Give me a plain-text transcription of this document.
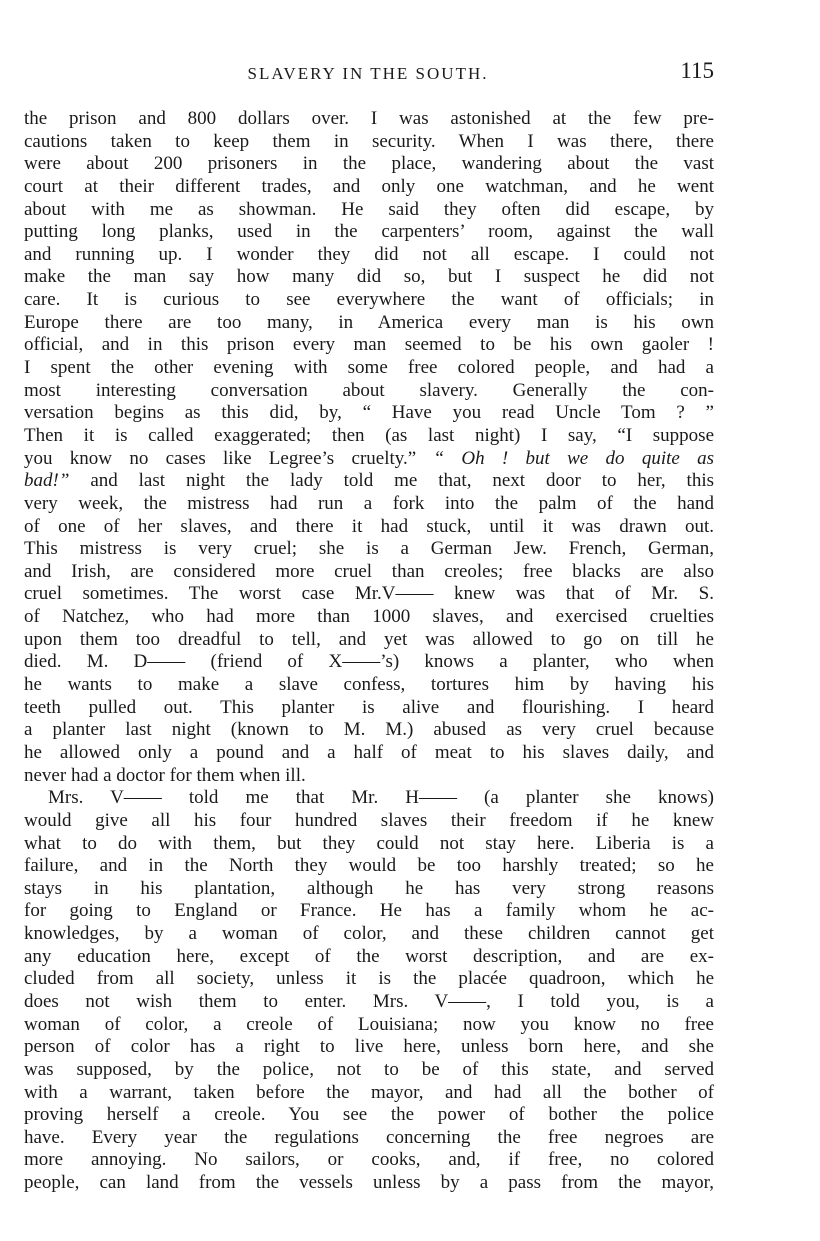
SLAVERY IN THE SOUTH.	115
the prison and 800 dollars over. I was astonished at the few pre-
cautions taken to keep them in security. When I was there, there
were about 200 prisoners in the place, wandering about the vast
court at their different trades, and only one watchman, and he went
about with me as showman. He said they often did escape, by
putting long planks, used in the carpenters’ room, against the wall
and running up. I wonder they did not all escape. I could not
make the man say how many did so, but I suspect he did not
care. It is curious to see everywhere the want of officials; in
Europe there are too many, in America every man is his own
official, and in this prison every man seemed to be his own gaoler !
I spent the other evening with some free colored people, and had a
most interesting conversation about slavery. Generally the con-
versation begins as this did, by, “ Have you read Uncle Tom ? ”
Then it is called exaggerated; then (as last night) I say, “I suppose
you know no cases like Legree’s cruelty.” “ Oh ! but we do quite as
bad!” and last night the lady told me that, next door to her, this
very week, the mistress had run a fork into the palm of the hand
of one of her slaves, and there it had stuck, until it was drawn out.
This mistress is very cruel; she is a German Jew. French, German,
and Irish, are considered more cruel than creoles; free blacks are also
cruel sometimes. The worst case Mr.V—— knew was that of Mr. S.
of Natchez, who had more than 1000 slaves, and exercised cruelties
upon them too dreadful to tell, and yet was allowed to go on till he
died. M. D—— (friend of X——’s) knows a planter, who when
he wants to make a slave confess, tortures him by having his
teeth pulled out. This planter is alive and flourishing. I heard
a planter last night (known to M. M.) abused as very cruel because
he allowed only a pound and a half of meat to his slaves daily, and
never had a doctor for them when ill.
Mrs. V—— told me that Mr. H—— (a planter she knows)
would give all his four hundred slaves their freedom if he knew
what to do with them, but they could not stay here. Liberia is a
failure, and in the North they would be too harshly treated; so he
stays in his plantation, although he has very strong reasons
for going to England or France. He has a family whom he ac-
knowledges, by a woman of color, and these children cannot get
any education here, except of the worst description, and are ex-
cluded from all society, unless it is the placée quadroon, which he
does not wish them to enter. Mrs. V——, I told you, is a
woman of color, a creole of Louisiana; now you know no free
person of color has a right to live here, unless born here, and she
was supposed, by the police, not to be of this state, and served
with a warrant, taken before the mayor, and had all the bother of
proving herself a creole. You see the power of bother the police
have. Every year the regulations concerning the free negroes are
more annoying. No sailors, or cooks, and, if free, no colored
people, can land from the vessels unless by a pass from the mayor,
